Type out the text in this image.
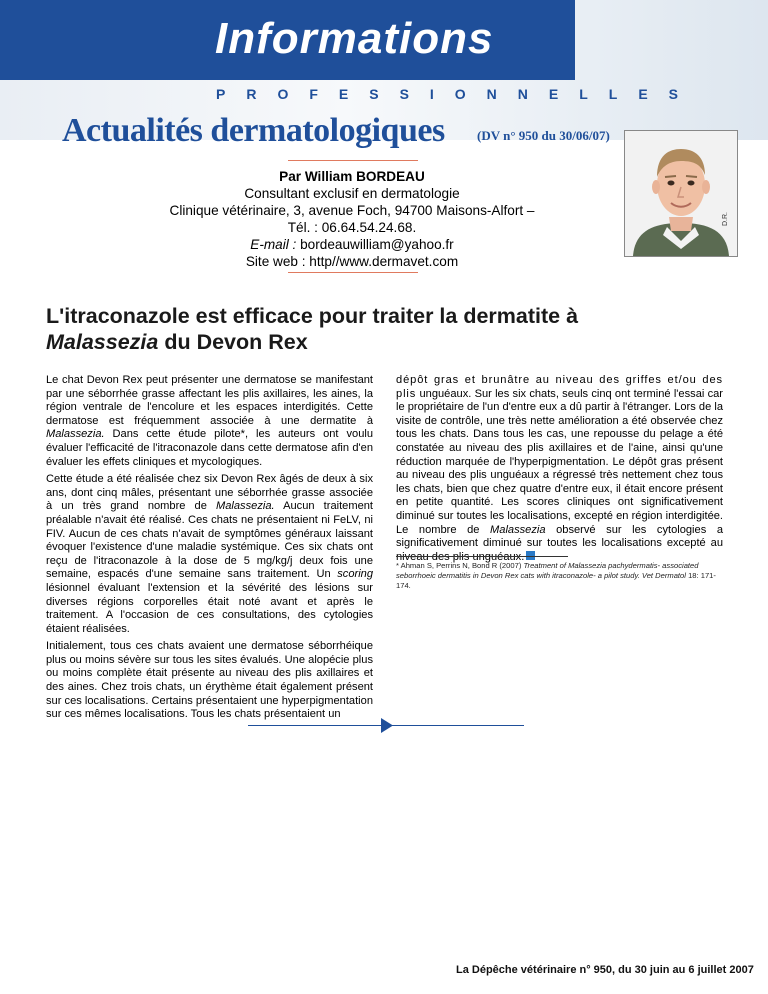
Informations
PROFESSIONNELLES
Actualités dermatologiques (DV n° 950 du 30/06/07)
Par William BORDEAU
Consultant exclusif en dermatologie
Clinique vétérinaire, 3, avenue Foch, 94700 Maisons-Alfort –
Tél. : 06.64.54.24.68.
E-mail : bordeauwilliam@yahoo.fr
Site web : http//www.dermavet.com
D.R.
L'itraconazole est efficace pour traiter la dermatite à
Malassezia du Devon Rex

Le chat Devon Rex peut présenter une dermatose se manifestant par une séborrhée grasse affectant les plis axillaires, les aines, la région ventrale de l'encolure et les espaces interdigités. Cette dermatose est fréquemment associée à une dermatite à Malassezia. Dans cette étude pilote*, les auteurs ont voulu évaluer l'efficacité de l'itraconazole dans cette dermatose afin d'en évaluer les effets cliniques et mycologiques.

Cette étude a été réalisée chez six Devon Rex âgés de deux à six ans, dont cinq mâles, présentant une séborrhée grasse associée à un très grand nombre de Malassezia. Aucun traitement préalable n'avait été réalisé. Ces chats ne présentaient ni FeLV, ni FIV. Aucun de ces chats n'avait de symptômes généraux laissant évoquer l'existence d'une maladie systémique. Ces six chats ont reçu de l'itraconazole à la dose de 5 mg/kg/j deux fois une semaine, espacés d'une semaine sans traitement. Un scoring lésionnel évaluant l'extension et la sévérité des lésions sur diverses régions corporelles était noté avant et après le traitement. A l'occasion de ces consultations, des cytologies étaient réalisées.

Initialement, tous ces chats avaient une dermatose séborrhéique plus ou moins sévère sur tous les sites évalués. Une alopécie plus ou moins complète était présente au niveau des plis axillaires et des aines. Chez trois chats, un érythème était également présent sur ces localisations. Certains présentaient une hyperpigmentation sur ces mêmes localisations. Tous les chats présentaient un

dépôt gras et brunâtre au niveau des griffes et/ou des plis unguéaux. Sur les six chats, seuls cinq ont terminé l'essai car le propriétaire de l'un d'entre eux a dû partir à l'étranger. Lors de la visite de contrôle, une très nette amélioration a été observée chez tous les chats. Dans tous les cas, une repousse du pelage a été constatée au niveau des plis axillaires et de l'aine, ainsi qu'une réduction marquée de l'hyperpigmentation. Le dépôt gras présent au niveau des plis unguéaux a régressé très nettement chez tous les chats, bien que chez quatre d'entre eux, il était encore présent en petite quantité. Les scores cliniques ont significativement diminué sur toutes les localisations, excepté en région interdigitée. Le nombre de Malassezia observé sur les cytologies a significativement diminué sur toutes les localisations excepté au

* Ahman S, Perrins N, Bond R (2007) Treatment of Malassezia pachydermatis- associated seborrhoeic dermatitis in Devon Rex cats with itraconazole- a pilot study. Vet Dermatol 18: 171-174.
La Dépêche vétérinaire n° 950, du 30 juin au 6 juillet 2007
